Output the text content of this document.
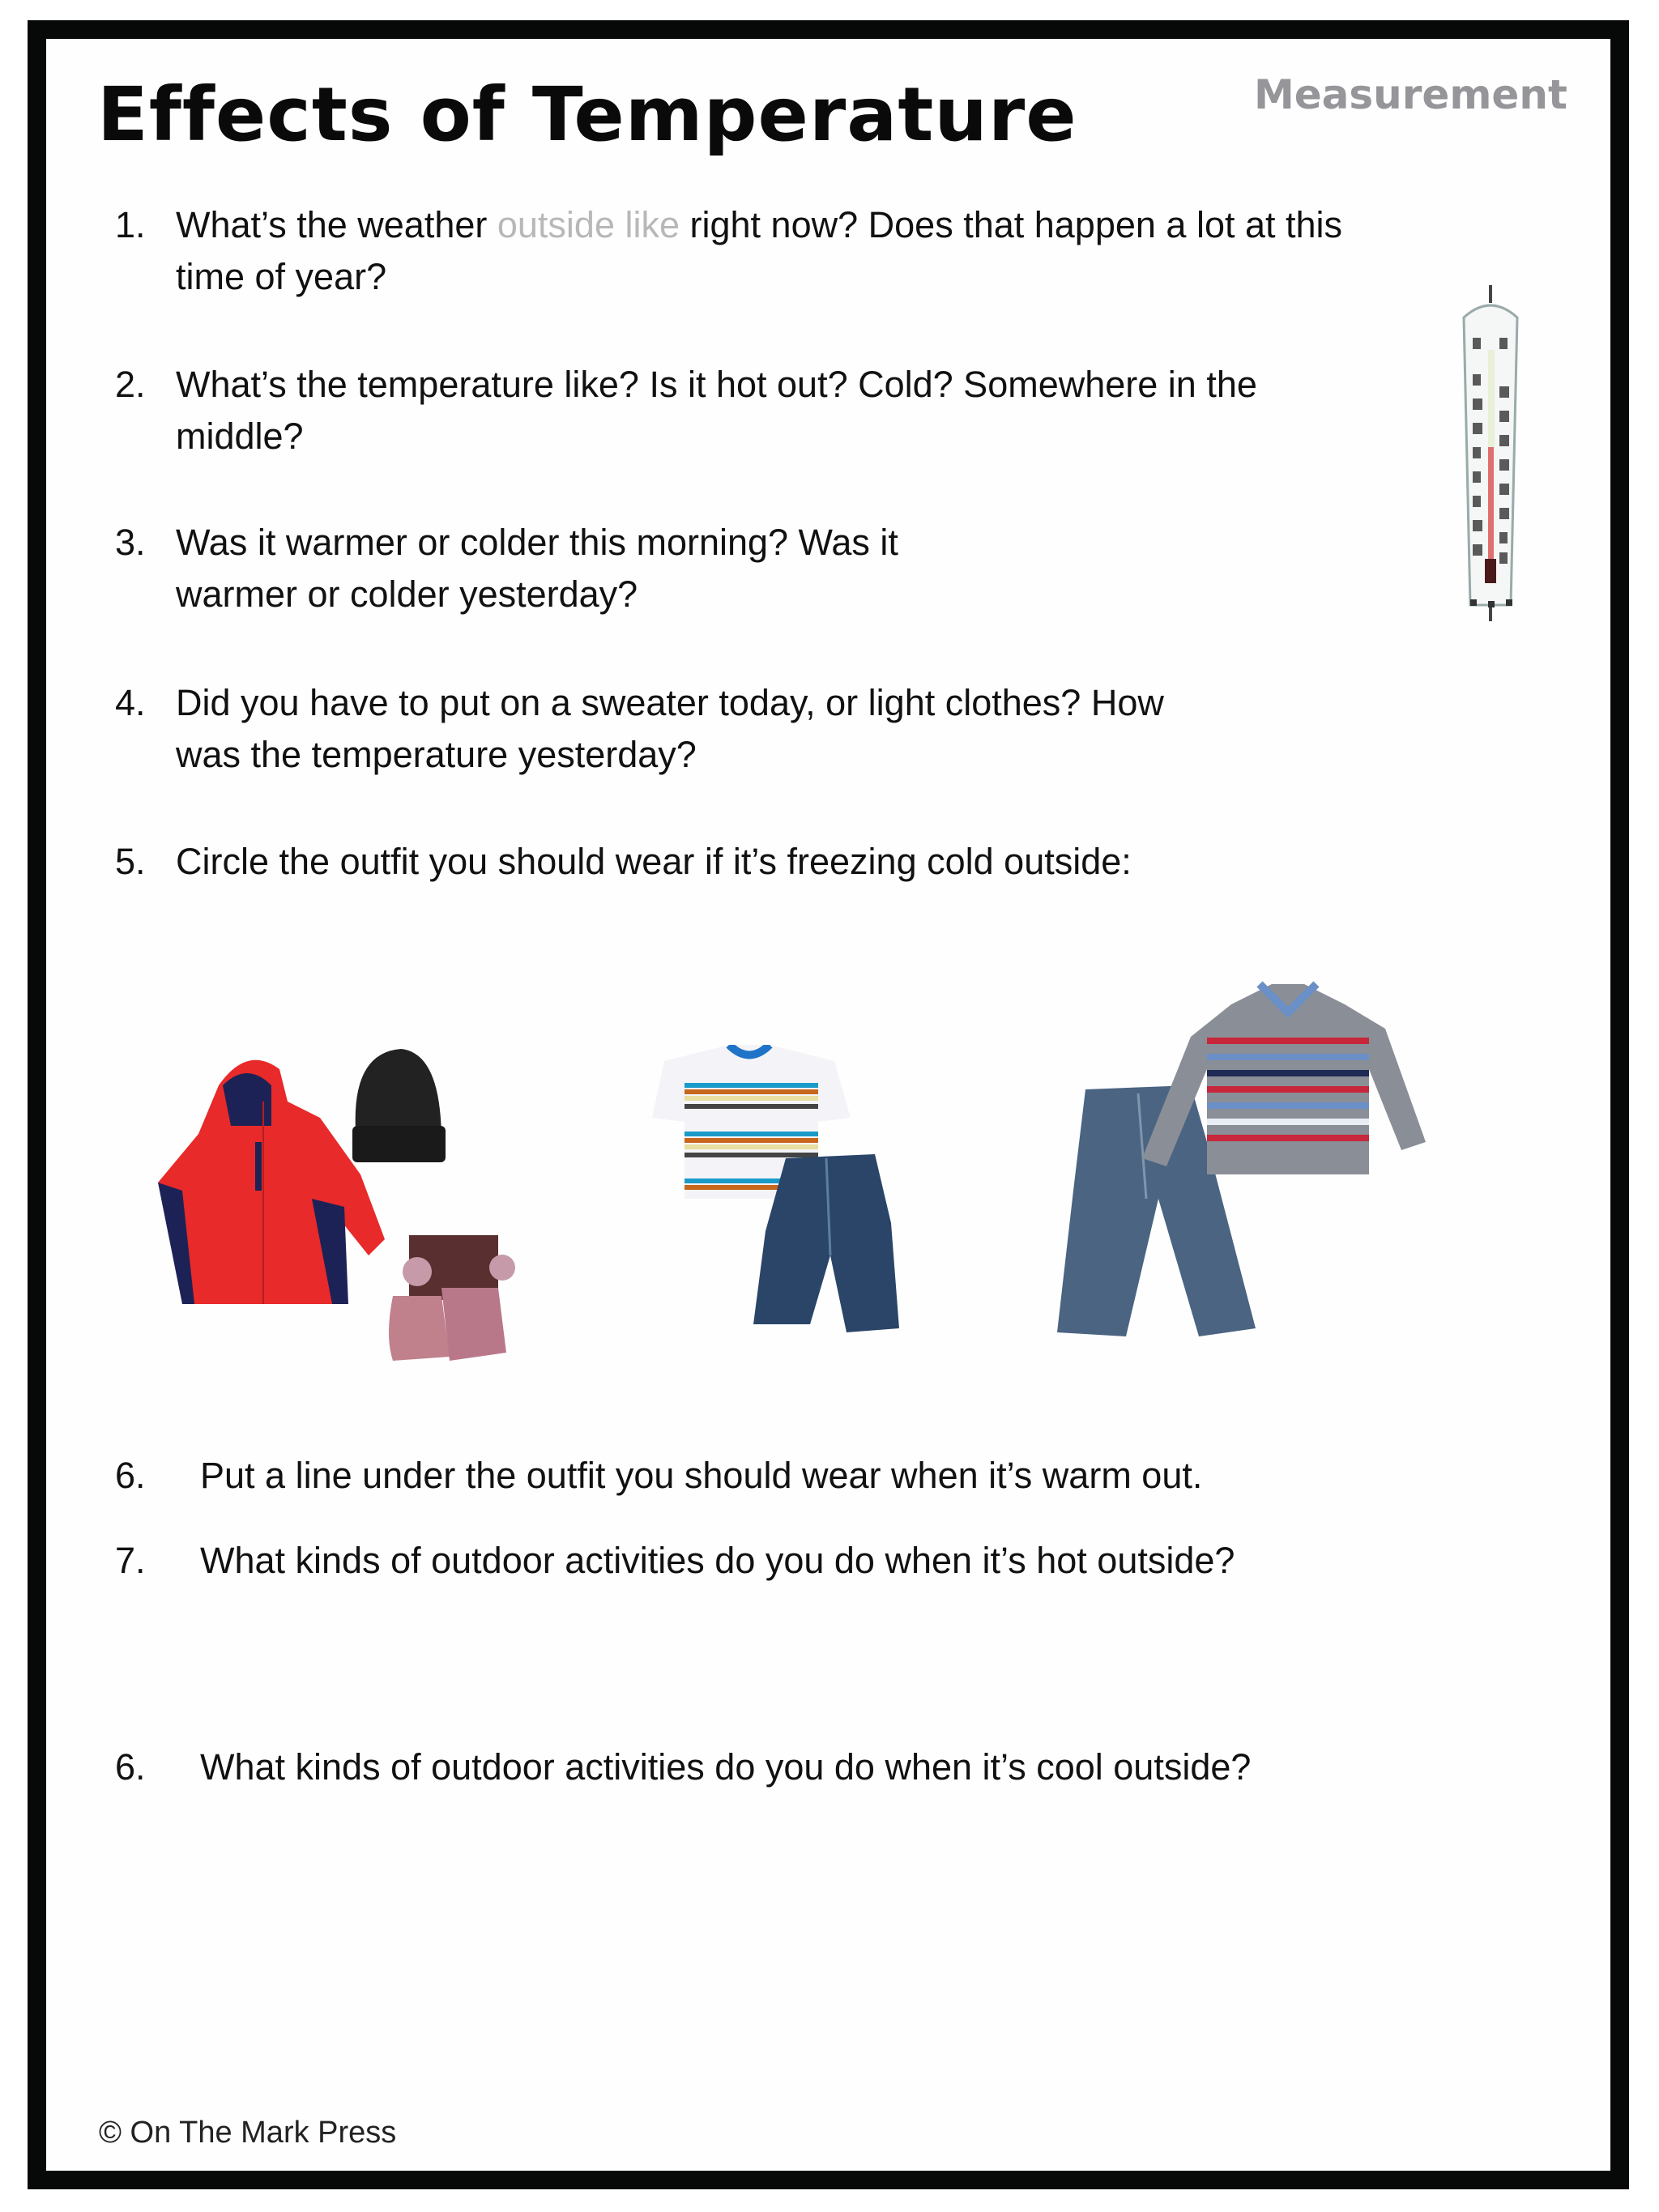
Effects of Temperature	Measurement
1. What’s the weather outside like right now? Does that happen a lot at this
time of year?
2. What’s the temperature like? Is it hot out? Cold? Somewhere in the
middle?
3. Was it warmer or colder this morning? Was it
warmer or colder yesterday?
4. Did you have to put on a sweater today, or light clothes? How
was the temperature yesterday?
5. Circle the outfit you should wear if it’s freezing cold outside:
6. Put a line under the outfit you should wear when it’s warm out.
7. What kinds of outdoor activities do you do when it’s hot outside?
6. What kinds of outdoor activities do you do when it’s cool outside?
© On The Mark Press
